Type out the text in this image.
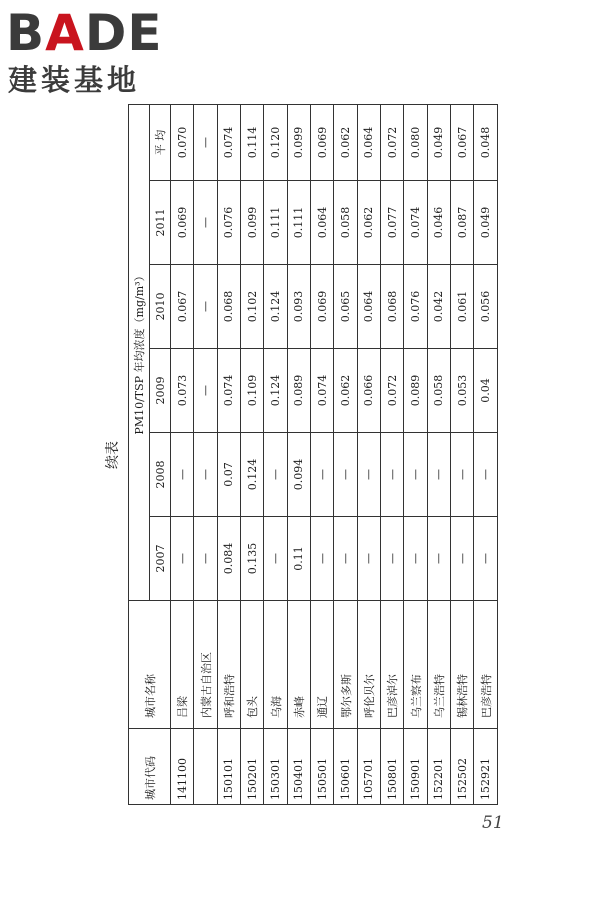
BADE
建装基地
续表
城市代码	城市名称	PM10/TSP 年均浓度（mg/m³）					
		2007	2008	2009	2010	2011	平 均
141100	吕梁	—	—	0.073	0.067	0.069	0.070
	内蒙古自治区	—	—	—	—	—	—
150101	呼和浩特	0.084	0.07	0.074	0.068	0.076	0.074
150201	包头	0.135	0.124	0.109	0.102	0.099	0.114
150301	乌海	—	—	0.124	0.124	0.111	0.120
150401	赤峰	0.11	0.094	0.089	0.093	0.111	0.099
150501	通辽	—	—	0.074	0.069	0.064	0.069
150601	鄂尔多斯	—	—	0.062	0.065	0.058	0.062
105701	呼伦贝尔	—	—	0.066	0.064	0.062	0.064
150801	巴彦淖尔	—	—	0.072	0.068	0.077	0.072
150901	乌兰察布	—	—	0.089	0.076	0.074	0.080
152201	乌兰浩特	—	—	0.058	0.042	0.046	0.049
152502	锡林浩特	—	—	0.053	0.061	0.087	0.067
152921	巴彦浩特	—	—	0.04	0.056	0.049	0.048
51
